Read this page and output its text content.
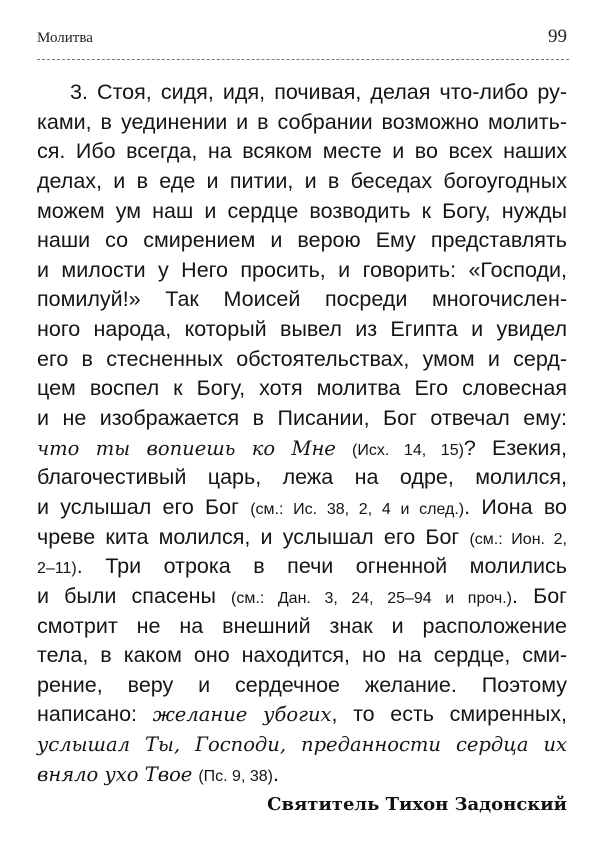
Молитва	99
3. Стоя, сидя, идя, почивая, делая что-либо ру-
ками, в уединении и в собрании возможно молить-
ся. Ибо всегда, на всяком месте и во всех наших
делах, и в еде и питии, и в беседах богоугодных
можем ум наш и сердце возводить к Богу, нужды
наши со смирением и верою Ему представлять
и милости у Него просить, и говорить: «Господи,
помилуй!» Так Моисей посреди многочислен-
ного народа, который вывел из Египта и увидел
его в стесненных обстоятельствах, умом и серд-
цем воспел к Богу, хотя молитва Его словесная
и не изображается в Писании, Бог отвечал ему:
что ты вопиешь ко Мне (Исх. 14, 15)? Езекия,
благочестивый царь, лежа на одре, молился,
и услышал его Бог (см.: Ис. 38, 2, 4 и след.). Иона во
чреве кита молился, и услышал его Бог (см.: Ион. 2,
2–11). Три отрока в печи огненной молились
и были спасены (см.: Дан. 3, 24, 25–94 и проч.). Бог
смотрит не на внешний знак и расположение
тела, в каком оно находится, но на сердце, сми-
рение, веру и сердечное желание. Поэтому
написано: желание убогих, то есть смиренных,
услышал Ты, Господи, преданности сердца их
вняло ухо Твое (Пс. 9, 38).
Святитель Тихон Задонский
